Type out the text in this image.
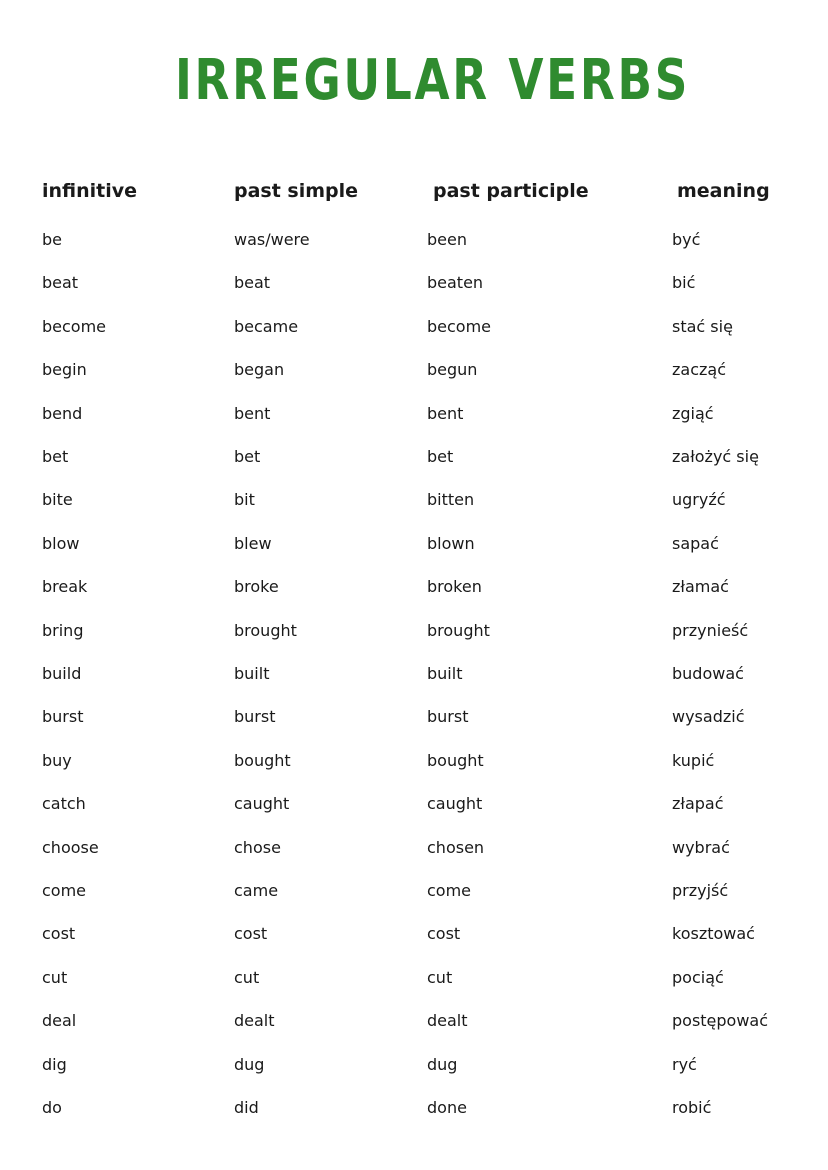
IRREGULAR VERBS
infinitive	past simple	past participle	meaning
be	was/were	been	być
beat	beat	beaten	bić
become	became	become	stać się
begin	began	begun	zacząć
bend	bent	bent	zgiąć
bet	bet	bet	założyć się
bite	bit	bitten	ugryźć
blow	blew	blown	sapać
break	broke	broken	złamać
bring	brought	brought	przynieść
build	built	built	budować
burst	burst	burst	wysadzić
buy	bought	bought	kupić
catch	caught	caught	złapać
choose	chose	chosen	wybrać
come	came	come	przyjść
cost	cost	cost	kosztować
cut	cut	cut	pociąć
deal	dealt	dealt	postępować
dig	dug	dug	ryć
do	did	done	robić
